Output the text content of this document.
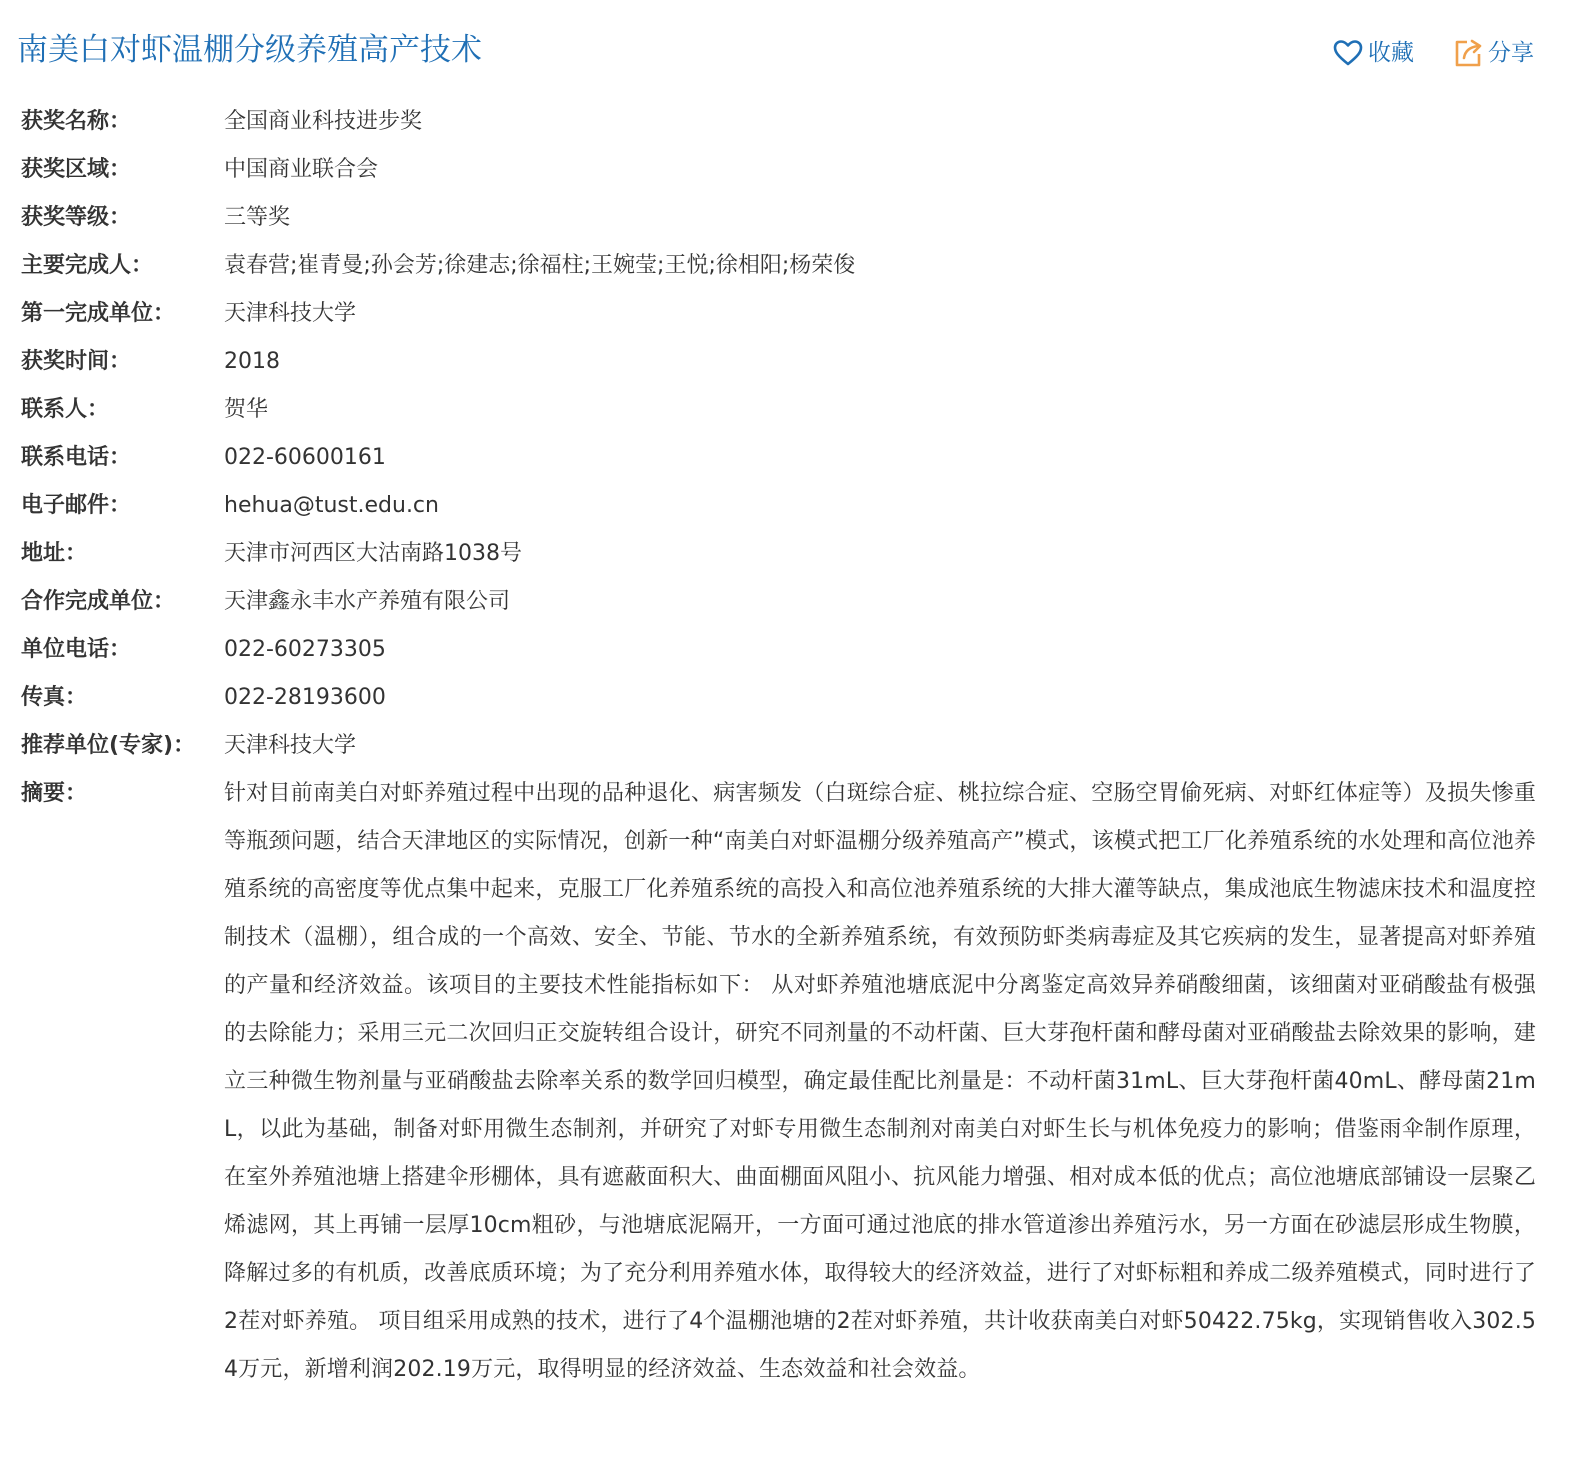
南美白对虾温棚分级养殖高产技术	收藏	分享
获奖名称：	全国商业科技进步奖
获奖区域：	中国商业联合会
获奖等级：	三等奖
主要完成人：	袁春营;崔青曼;孙会芳;徐建志;徐福柱;王婉莹;王悦;徐相阳;杨荣俊
第一完成单位：	天津科技大学
获奖时间：	2018
联系人：	贺华
联系电话：	022-60600161
电子邮件：	hehua@tust.edu.cn
地址：	天津市河西区大沽南路1038号
合作完成单位：	天津鑫永丰水产养殖有限公司
单位电话：	022-60273305
传真：	022-28193600
推荐单位(专家)：	天津科技大学
摘要：	针对目前南美白对虾养殖过程中出现的品种退化、病害频发（白斑综合症、桃拉综合症、空肠空胃偷死病、对虾红体症等）及损失惨重等瓶颈问题，结合天津地区的实际情况，创新一种“南美白对虾温棚分级养殖高产”模式，该模式把工厂化养殖系统的水处理和高位池养殖系统的高密度等优点集中起来，克服工厂化养殖系统的高投入和高位池养殖系统的大排大灌等缺点，集成池底生物滤床技术和温度控制技术（温棚），组合成的一个高效、安全、节能、节水的全新养殖系统，有效预防虾类病毒症及其它疾病的发生，显著提高对虾养殖的产量和经济效益。该项目的主要技术性能指标如下： 从对虾养殖池塘底泥中分离鉴定高效异养硝酸细菌，该细菌对亚硝酸盐有极强的去除能力；采用三元二次回归正交旋转组合设计，研究不同剂量的不动杆菌、巨大芽孢杆菌和酵母菌对亚硝酸盐去除效果的影响，建立三种微生物剂量与亚硝酸盐去除率关系的数学回归模型，确定最佳配比剂量是：不动杆菌31mL、巨大芽孢杆菌40mL、酵母菌21mL，以此为基础，制备对虾用微生态制剂，并研究了对虾专用微生态制剂对南美白对虾生长与机体免疫力的影响；借鉴雨伞制作原理，在室外养殖池塘上搭建伞形棚体，具有遮蔽面积大、曲面棚面风阻小、抗风能力增强、相对成本低的优点；高位池塘底部铺设一层聚乙烯滤网，其上再铺一层厚10cm粗砂，与池塘底泥隔开，一方面可通过池底的排水管道渗出养殖污水，另一方面在砂滤层形成生物膜，降解过多的有机质，改善底质环境；为了充分利用养殖水体，取得较大的经济效益，进行了对虾标粗和养成二级养殖模式，同时进行了2茬对虾养殖。 项目组采用成熟的技术，进行了4个温棚池塘的2茬对虾养殖，共计收获南美白对虾50422.75kg，实现销售收入302.54万元，新增利润202.19万元，取得明显的经济效益、生态效益和社会效益。
